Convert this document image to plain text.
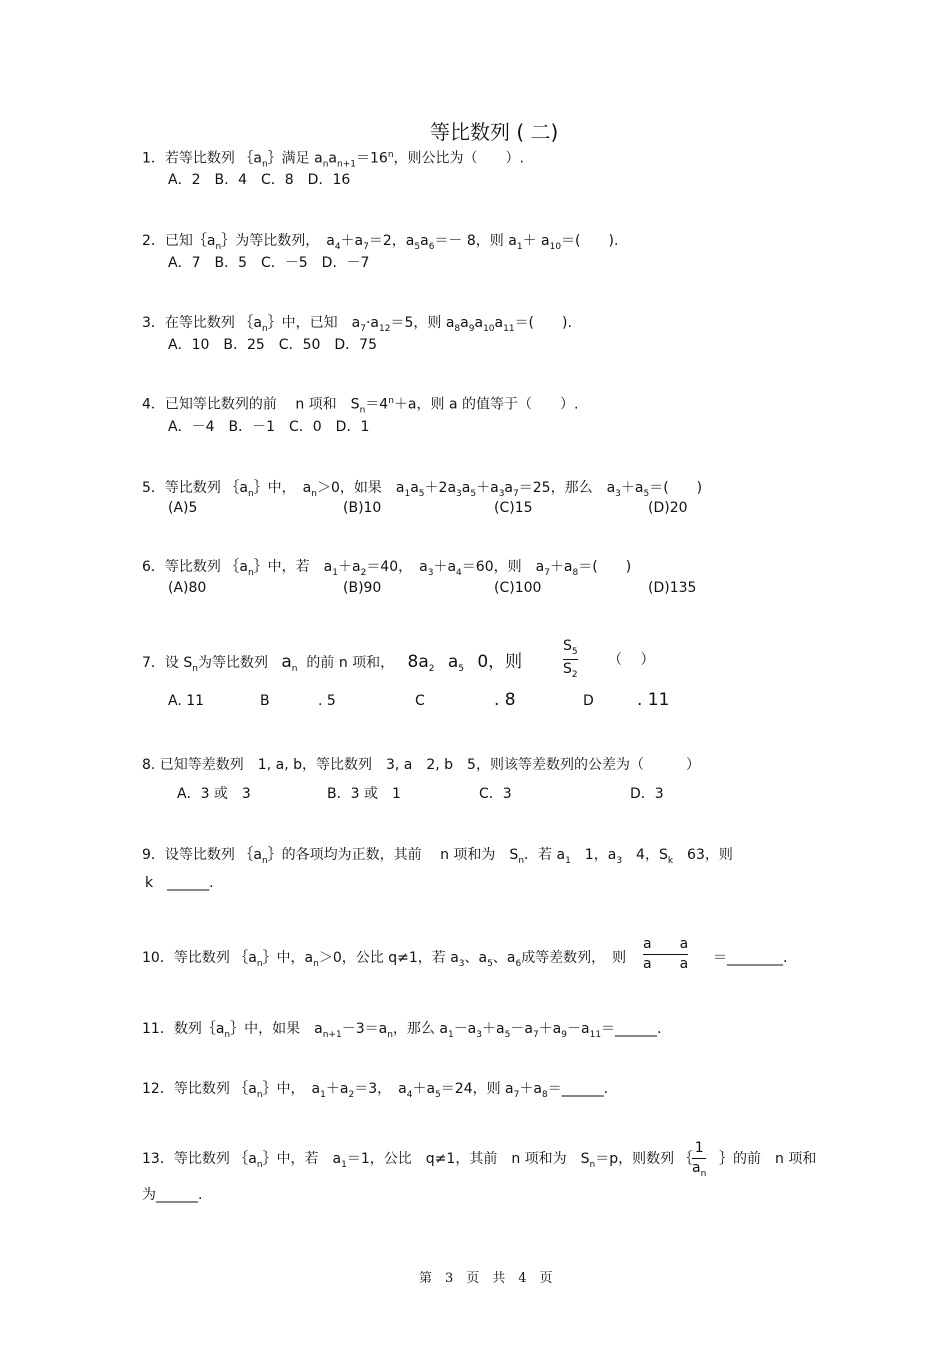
等比数列 ( 二)
1．若等比数列 $\{a_n\}$满足 $a_na_{n+1}=16^n$，则公比为（　　）.
A．2　B．4　C．8　D．16
2．已知$\{a_n\}$为等比数列，　$a_4+a_7=2$，$a_5a_6=- 8$，则 $a_1+ a_{10}=$(　　).
A．7　B．5　C．－5　D．－7
3．在等比数列 $\{a_n\}$中，已知　$a_7\cdot a_{12}=5$，则 $a_8a_9a_{10}a_{11}=$(　　).
A．10　B．25　C．50　D．75
4．已知等比数列的前　 n 项和　$S_n=4^n+a$，则 a 的值等于（　　）.
A．－4　B．－1　C．0　D．1
5．等比数列 $\{a_n\}$中，　$a_n>0$，如果　$a_1a_5+2a_3a_5+a_3a_7=25$，那么　$a_3+a_5=$(　　)
(A)5	(B)10	(C)15	(D)20
6．等比数列 $\{a_n\}$中，若　$a_1+a_2=40$，　$a_3+a_4=60$，则　$a_7+a_8=$(　　)
(A)80	(B)90	(C)100	(D)135
7．设 $S_n$为等比数列 $a_n$ 的前 n 项和， $8a_2$ $a_5$ 0，则
$S_5$
$S_2$
（　 ）
A. 11	B	. 5	C	. 8	D	. 11
8. 已知等差数列　1, a, b，等比数列　3, a　2, b　5，则该等差数列的公差为（　　　）
A．3 或　3	B．3 或　1	C．3	D．3
9．设等比数列 $\{a_n\}$的各项均为正数，其前　 n 项和为　$S_n$．若 $a_1$　1，$a_3$　4，$S_k$　63，则
k　______.
10．等比数列 $\{a_n\}$中，$a_n>0$，公比 q≠1，若 $a_3$、$a_5$、$a_6$成等差数列，　则
a　　a
a　　a ＝________.
11．数列$\{a_n\}$中，如果　$a_{n+1}-3=a_n$，那么 $a_1-a_3+a_5-a_7+a_9-a_{11}=\_\_\_\_\_\_$.
12．等比数列 $\{a_n\}$中，　$a_1+a_2=3$，　$a_4+a_5=24$，则 $a_7+a_8=\_\_\_\_\_\_$.
13．等比数列 $\{a_n\}$中，若　$a_1=1$，公比　q≠1，其前　n 项和为　$S_n=p$，则数列 ｛
1
$a_n$
｝的前　n 项和
为______.
第　3　页　共　4　页
